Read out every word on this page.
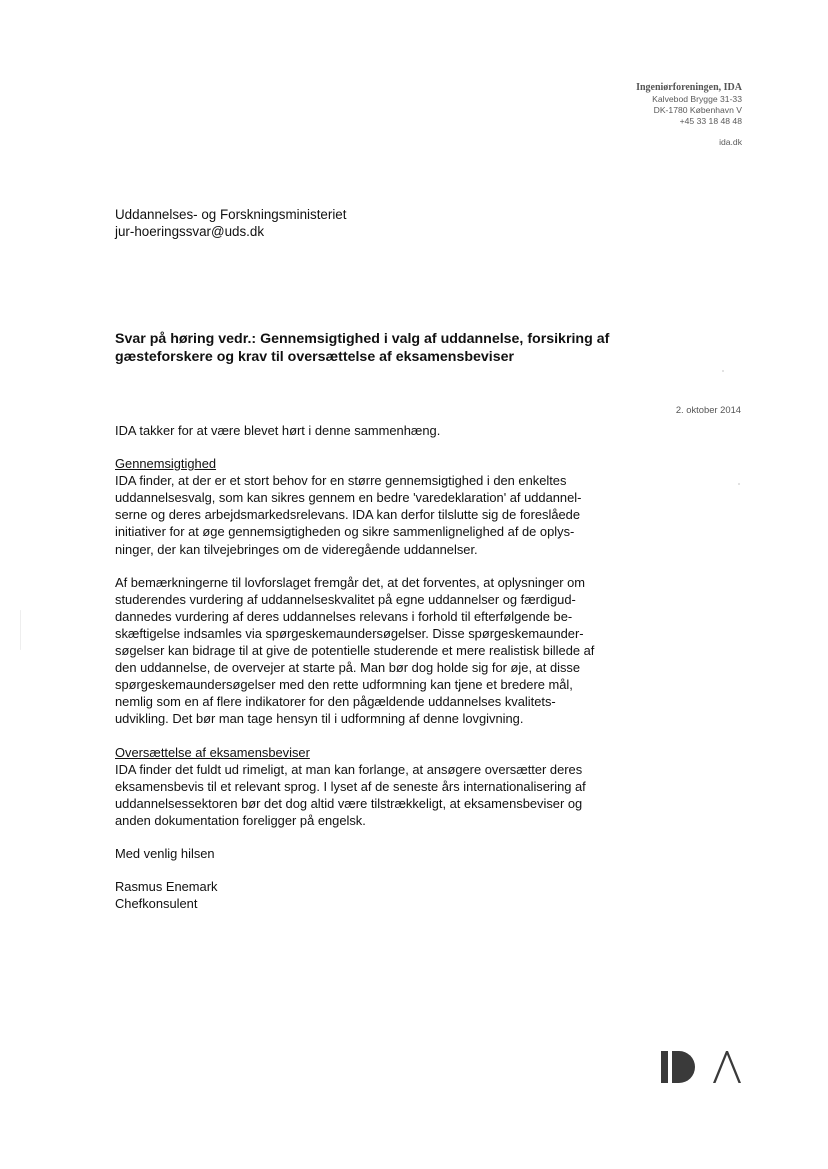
Ingeniørforeningen, IDA
Kalvebod Brygge 31-33
DK-1780 København V
+45 33 18 48 48
ida.dk
Uddannelses- og Forskningsministeriet
jur-hoeringssvar@uds.dk
Svar på høring vedr.: Gennemsigtighed i valg af uddannelse, forsikring af gæsteforskere og krav til oversættelse af eksamensbeviser
2. oktober 2014

IDA takker for at være blevet hørt i denne sammenhæng.

Gennemsigtighed
IDA finder, at der er et stort behov for en større gennemsigtighed i den enkeltes uddannelsesvalg, som kan sikres gennem en bedre 'varedeklaration' af uddannelserne og deres arbejdsmarkedsrelevans. IDA kan derfor tilslutte sig de foreslåede initiativer for at øge gennemsigtigheden og sikre sammenlignelighed af de oplysninger, der kan tilvejebringes om de videregående uddannelser.

Af bemærkningerne til lovforslaget fremgår det, at det forventes, at oplysninger om studerendes vurdering af uddannelseskvalitet på egne uddannelser og færdiguddannedes vurdering af deres uddannelses relevans i forhold til efterfølgende beskæftigelse indsamles via spørgeskemaundersøgelser. Disse spørgeskemaundersøgelser kan bidrage til at give de potentielle studerende et mere realistisk billede af den uddannelse, de overvejer at starte på. Man bør dog holde sig for øje, at disse spørgeskemaundersøgelser med den rette udformning kan tjene et bredere mål, nemlig som en af flere indikatorer for den pågældende uddannelses kvalitetsudvikling. Det bør man tage hensyn til i udformning af denne lovgivning.

Oversættelse af eksamensbeviser
IDA finder det fuldt ud rimeligt, at man kan forlange, at ansøgere oversætter deres eksamensbevis til et relevant sprog. I lyset af de seneste års internationalisering af uddannelsessektoren bør det dog altid være tilstrækkeligt, at eksamensbeviser og anden dokumentation foreligger på engelsk.

Med venlig hilsen

Rasmus Enemark
Chefkonsulent
